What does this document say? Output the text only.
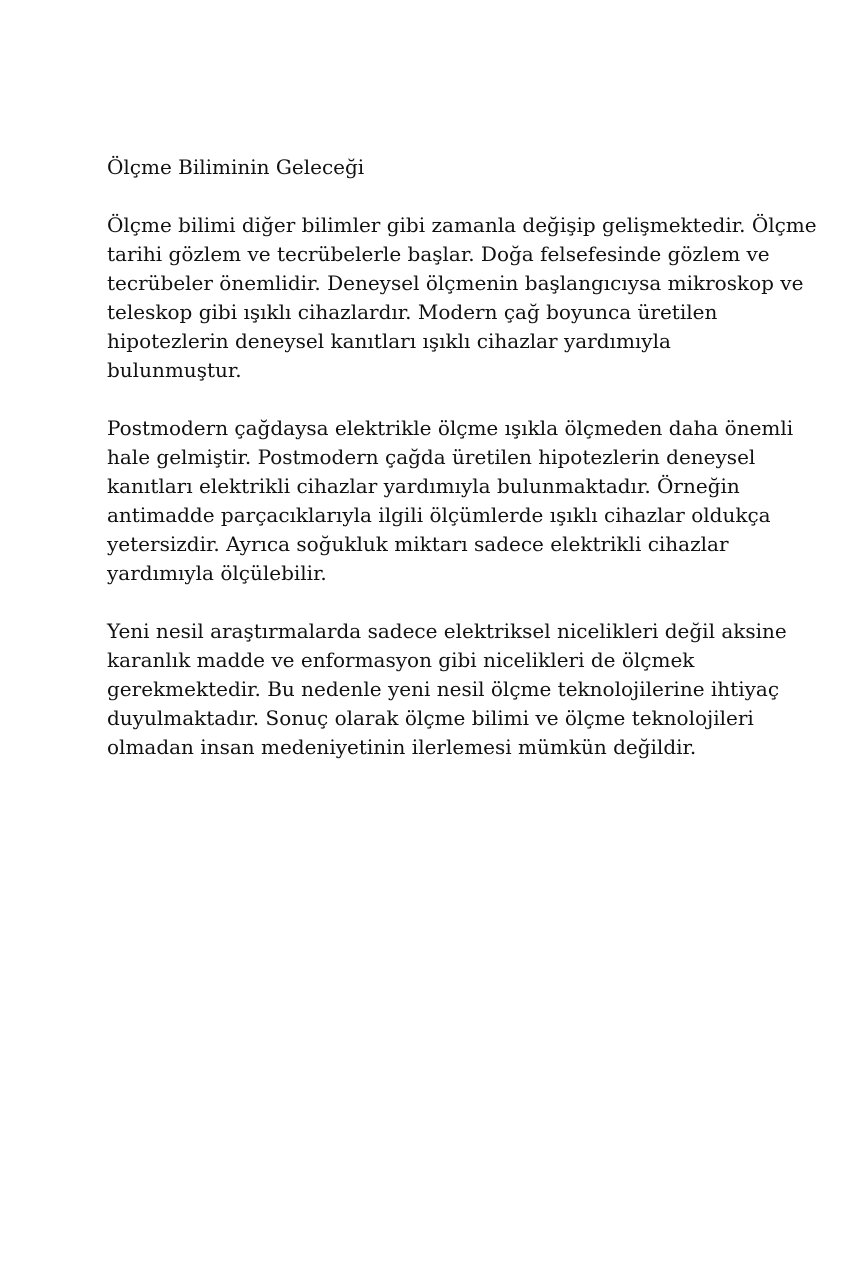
Ölçme Biliminin Geleceği
Ölçme bilimi diğer bilimler gibi zamanla değişip gelişmektedir. Ölçme
tarihi gözlem ve tecrübelerle başlar. Doğa felsefesinde gözlem ve
tecrübeler önemlidir. Deneysel ölçmenin başlangıcıysa mikroskop ve
teleskop gibi ışıklı cihazlardır. Modern çağ boyunca üretilen
hipotezlerin deneysel kanıtları ışıklı cihazlar yardımıyla
bulunmuştur.
Postmodern çağdaysa elektrikle ölçme ışıkla ölçmeden daha önemli
hale gelmiştir. Postmodern çağda üretilen hipotezlerin deneysel
kanıtları elektrikli cihazlar yardımıyla bulunmaktadır. Örneğin
antimadde parçacıklarıyla ilgili ölçümlerde ışıklı cihazlar oldukça
yetersizdir. Ayrıca soğukluk miktarı sadece elektrikli cihazlar
yardımıyla ölçülebilir.
Yeni nesil araştırmalarda sadece elektriksel nicelikleri değil aksine
karanlık madde ve enformasyon gibi nicelikleri de ölçmek
gerekmektedir. Bu nedenle yeni nesil ölçme teknolojilerine ihtiyaç
duyulmaktadır. Sonuç olarak ölçme bilimi ve ölçme teknolojileri
olmadan insan medeniyetinin ilerlemesi mümkün değildir.
